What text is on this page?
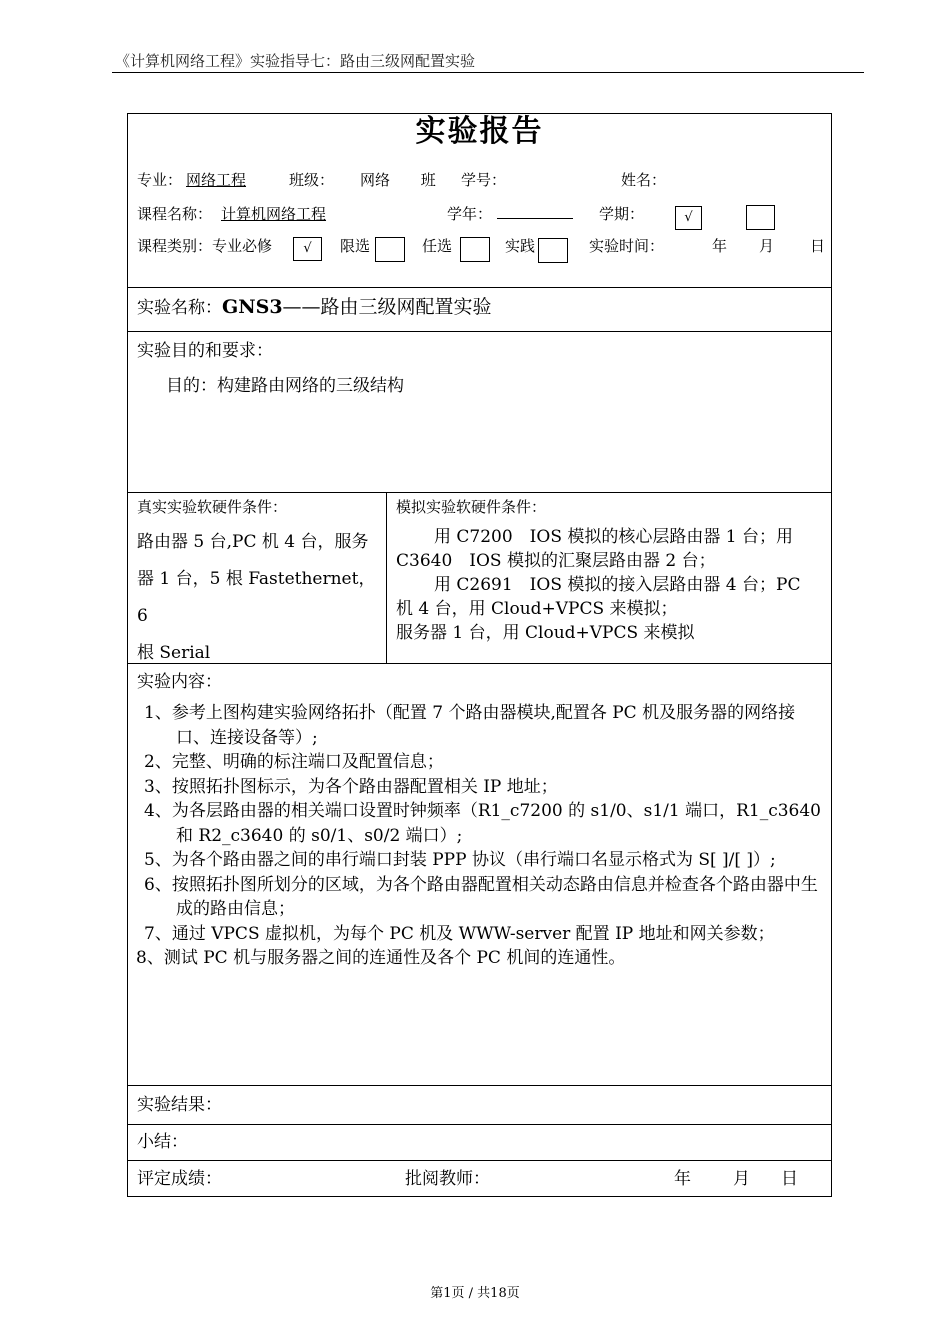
《计算机网络工程》实验指导七：路由三级网配置实验
实验报告
专业： 网络工程	班级： 网络 班 学号：	姓名：
课程名称： 计算机网络工程	学年：	学期：	√
课程类别：专业必修	√	限选	任选	实践	实验时间：	年 月 日
实验名称：GNS3——路由三级网配置实验
实验目的和要求：
目的：构建路由网络的三级结构
真实实验软硬件条件：
路由器 5 台,PC 机 4 台，服务
器 1 台，5 根 Fastethernet，6
根 Serial
模拟实验软硬件条件：
用 C7200　IOS 模拟的核心层路由器 1 台；用
C3640　IOS 模拟的汇聚层路由器 2 台；
用 C2691　IOS 模拟的接入层路由器 4 台；PC
机 4 台，用 Cloud+VPCS 来模拟；
服务器 1 台，用 Cloud+VPCS 来模拟
实验内容：
1、参考上图构建实验网络拓扑（配置 7 个路由器模块,配置各 PC 机及服务器的网络接口、连接设备等）;
2、完整、明确的标注端口及配置信息；
3、按照拓扑图标示，为各个路由器配置相关 IP 地址；
4、为各层路由器的相关端口设置时钟频率（R1_c7200 的 s1/0、s1/1 端口，R1_c3640 和 R2_c3640 的 s0/1、s0/2 端口）;
5、为各个路由器之间的串行端口封装 PPP 协议（串行端口名显示格式为 S[ ]/[ ]）;
6、按照拓扑图所划分的区域，为各个路由器配置相关动态路由信息并检查各个路由器中生成的路由信息；
7、通过 VPCS 虚拟机，为每个 PC 机及 WWW-server 配置 IP 地址和网关参数；
8、测试 PC 机与服务器之间的连通性及各个 PC 机间的连通性。
实验结果：
小结：
评定成绩：	批阅教师：	年 月 日
第1页 / 共18页
